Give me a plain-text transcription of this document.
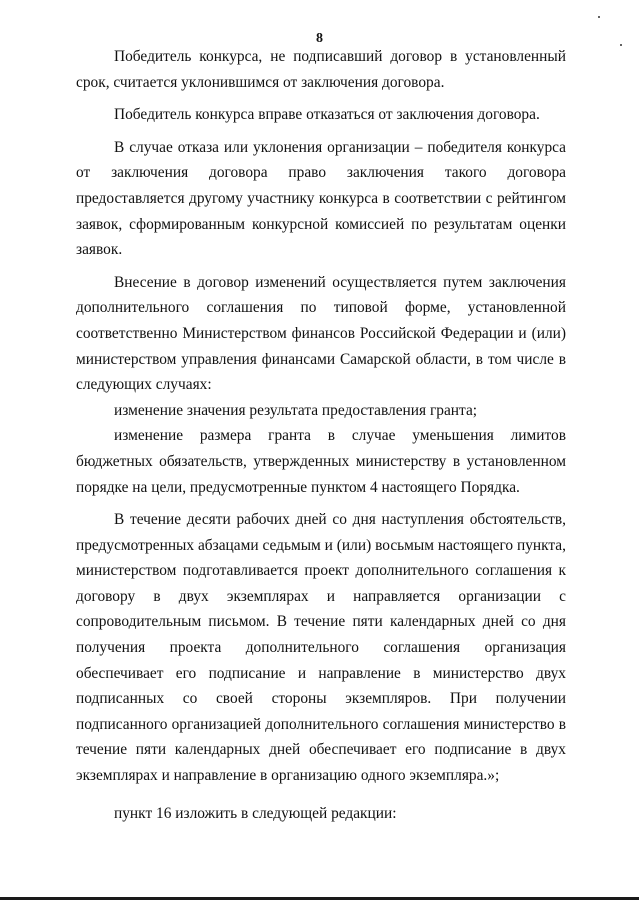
8

Победитель конкурса, не подписавший договор в установленный срок, считается уклонившимся от заключения договора.

Победитель конкурса вправе отказаться от заключения договора.

В случае отказа или уклонения организации – победителя конкурса от заключения договора право заключения такого договора предоставляется другому участнику конкурса в соответствии с рейтингом заявок, сформированным конкурсной комиссией по результатам оценки заявок.

Внесение в договор изменений осуществляется путем заключения дополнительного соглашения по типовой форме, установленной соответственно Министерством финансов Российской Федерации и (или) министерством управления финансами Самарской области, в том числе в следующих случаях:

изменение значения результата предоставления гранта;

изменение размера гранта в случае уменьшения лимитов бюджетных обязательств, утвержденных министерству в установленном порядке на цели, предусмотренные пунктом 4 настоящего Порядка.

В течение десяти рабочих дней со дня наступления обстоятельств, предусмотренных абзацами седьмым и (или) восьмым настоящего пункта, министерством подготавливается проект дополнительного соглашения к договору в двух экземплярах и направляется организации с сопроводительным письмом. В течение пяти календарных дней со дня получения проекта дополнительного соглашения организация обеспечивает его подписание и направление в министерство двух подписанных со своей стороны экземпляров. При получении подписанного организацией дополнительного соглашения министерство в течение пяти календарных дней обеспечивает его подписание в двух экземплярах и направление в организацию одного экземпляра.»;

пункт 16 изложить в следующей редакции:
